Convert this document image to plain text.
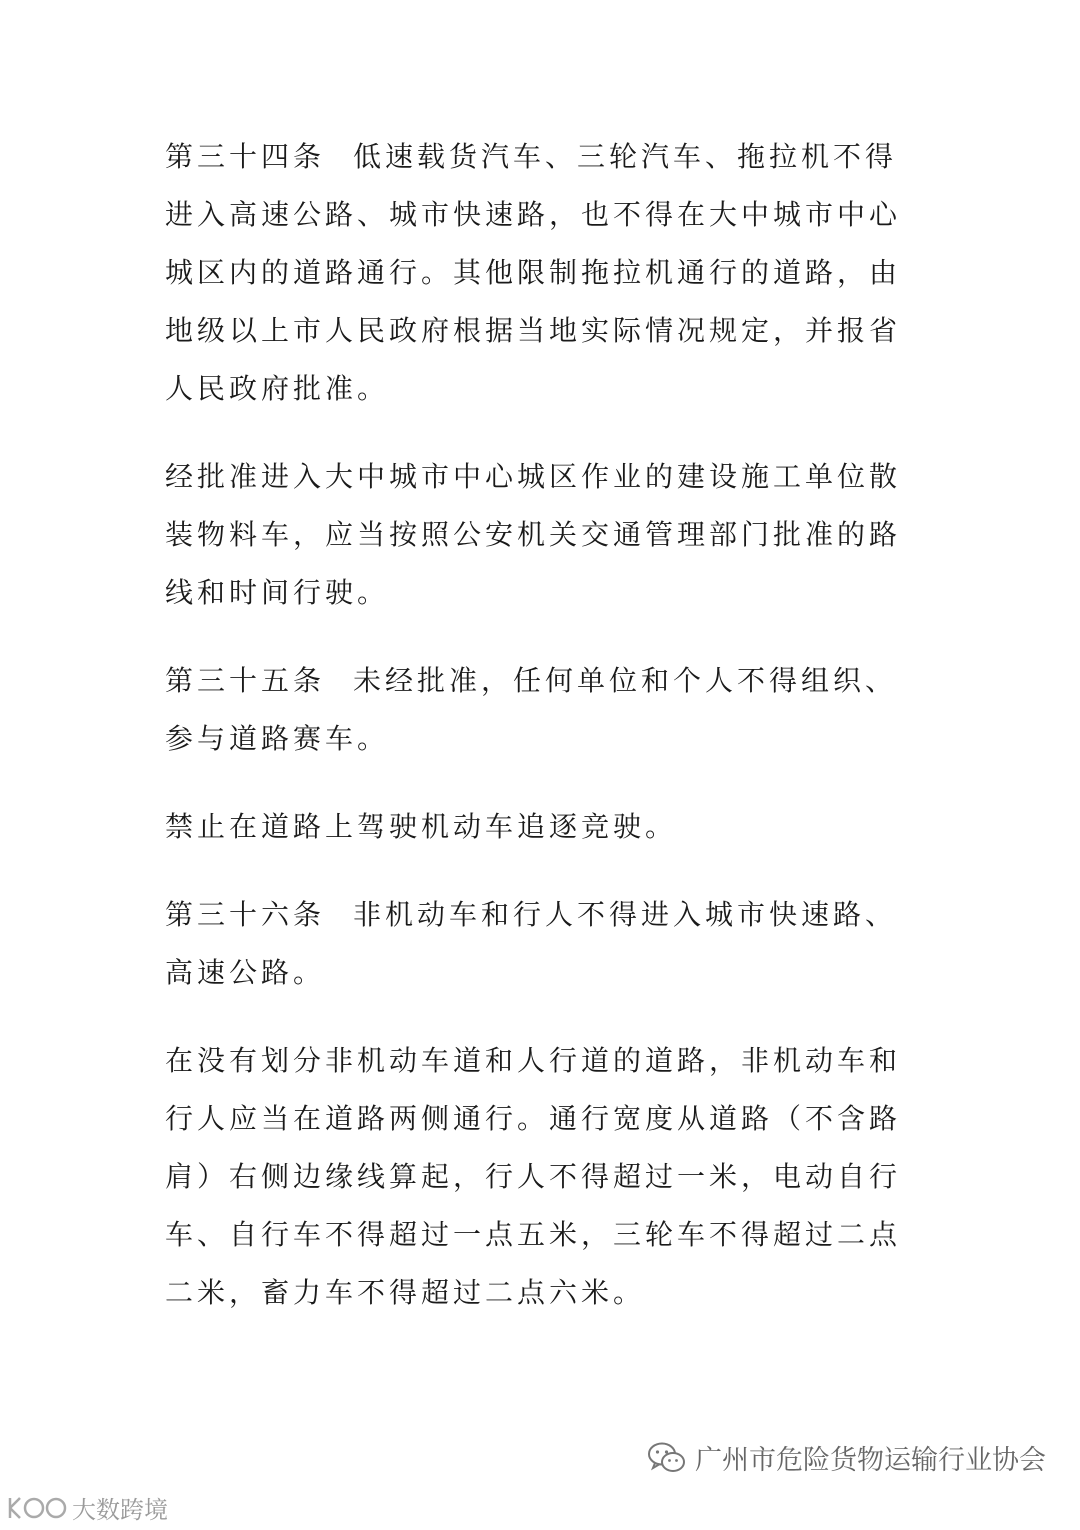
第三十四条 低速载货汽车、三轮汽车、拖拉机不得进入高速公路、城市快速路，也不得在大中城市中心城区内的道路通行。其他限制拖拉机通行的道路，由地级以上市人民政府根据当地实际情况规定，并报省人民政府批准。

经批准进入大中城市中心城区作业的建设施工单位散装物料车，应当按照公安机关交通管理部门批准的路线和时间行驶。

第三十五条 未经批准，任何单位和个人不得组织、参与道路赛车。

禁止在道路上驾驶机动车追逐竞驶。

第三十六条 非机动车和行人不得进入城市快速路、高速公路。

在没有划分非机动车道和人行道的道路，非机动车和行人应当在道路两侧通行。通行宽度从道路（不含路肩）右侧边缘线算起，行人不得超过一米，电动自行车、自行车不得超过一点五米，三轮车不得超过二点二米，畜力车不得超过二点六米。

广州市危险货物运输行业协会
大数跨境
